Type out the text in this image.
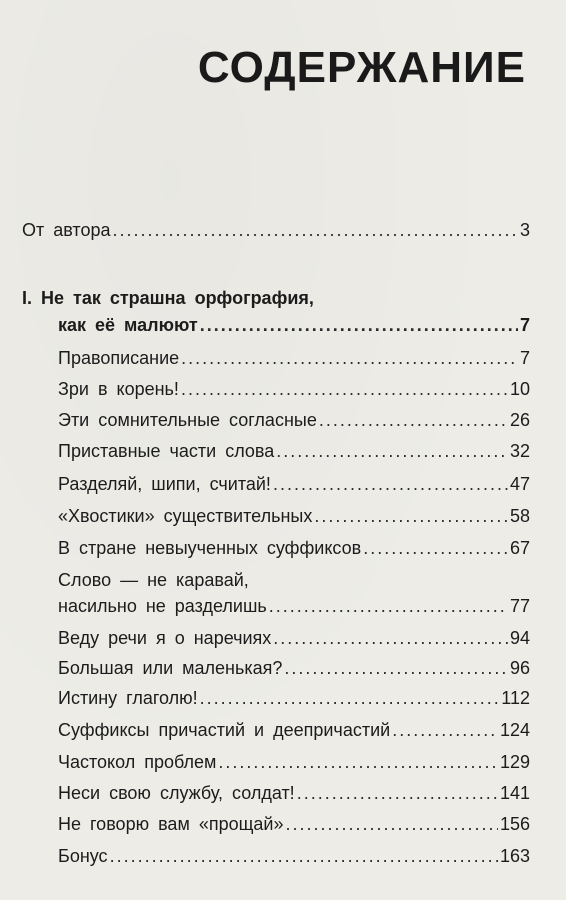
СОДЕРЖАНИЕ
От автора .....	3
I. Не так страшна орфография,
как её малюют .....	7
Правописание .....	7
Зри в корень! .....	10
Эти сомнительные согласные .....	26
Приставные части слова .....	32
Разделяй, шипи, считай! .....	47
«Хвостики» существительных .....	58
В стране невыученных суффиксов .....	67
Слово — не каравай,
насильно не разделишь .....	77
Веду речи я о наречиях .....	94
Большая или маленькая? .....	96
Истину глаголю! .....	112
Суффиксы причастий и деепричастий .....	124
Частокол проблем .....	129
Неси свою службу, солдат! .....	141
Не говорю вам «прощай» .....	156
Бонус .....	163
